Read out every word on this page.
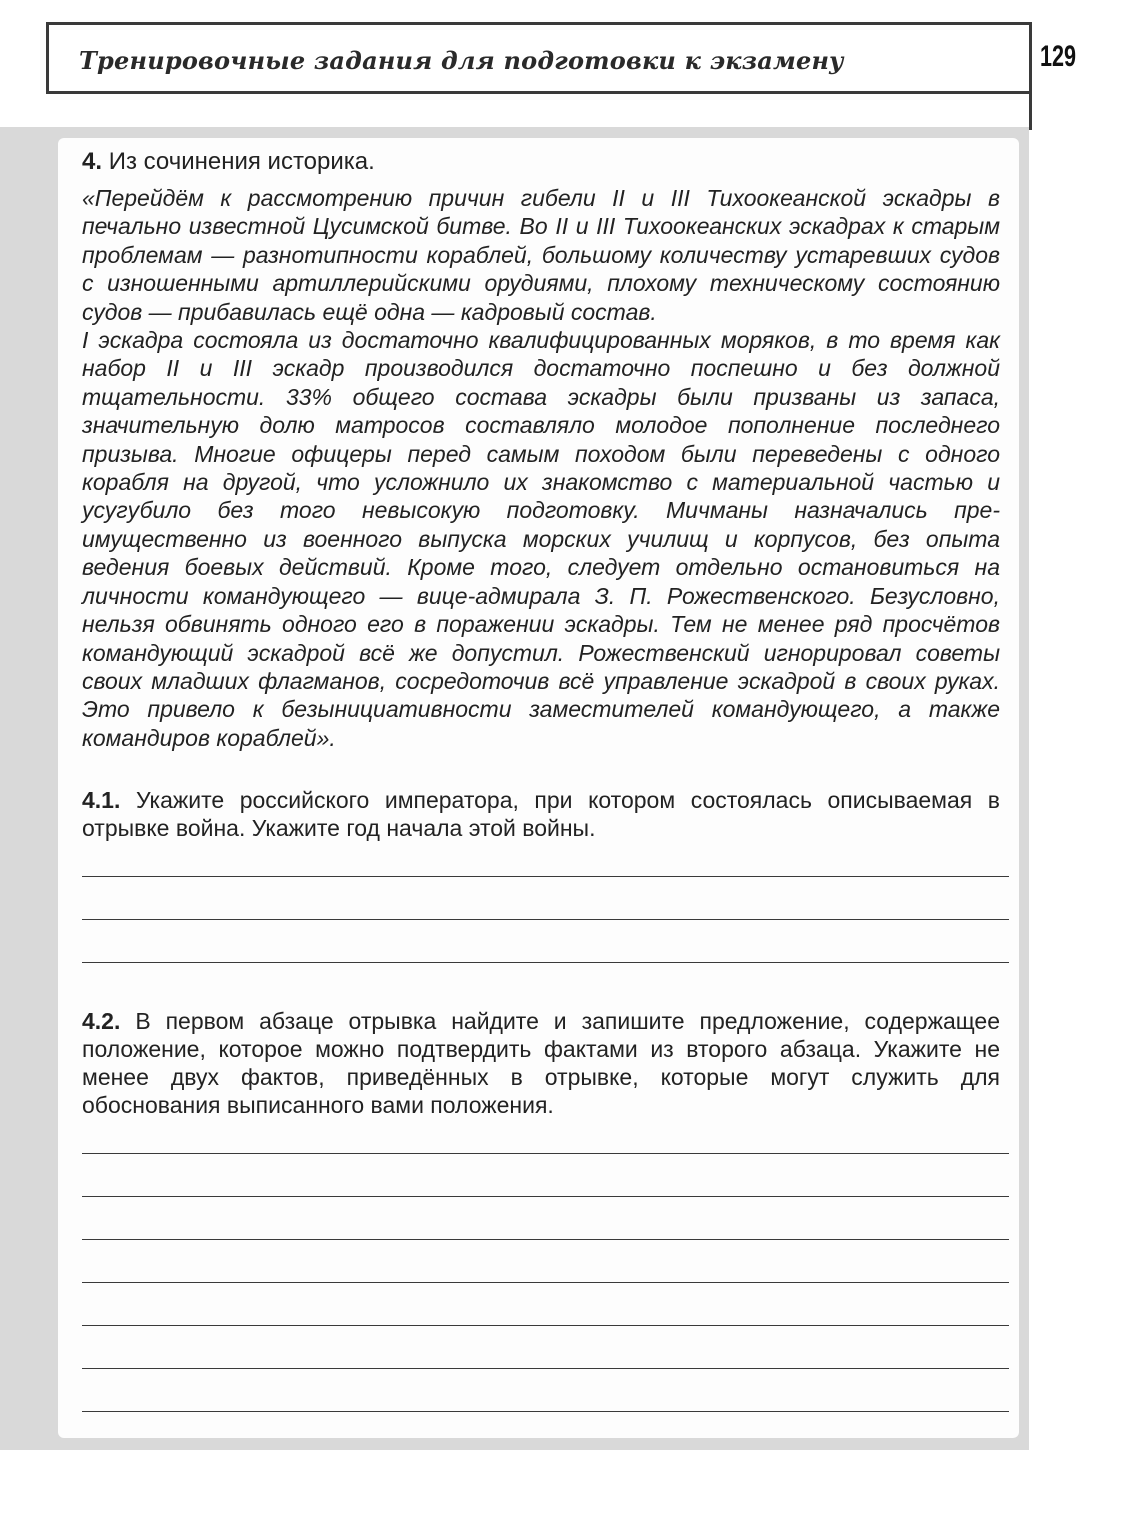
Тренировочные задания для подготовки к экзамену	129
4. Из сочинения историка.

«Перейдём к рассмотрению причин гибели II и III Тихоокеанской эскадры в печально известной Цусимской битве. Во II и III Тихоокеанских эскадрах к старым проблемам — разнотипности кораблей, большому количеству устаревших судов с изношенными артиллерийскими орудиями, плохому техническому состоянию судов — прибавилась ещё одна — кадровый состав.

I эскадра состояла из достаточно квалифицированных моряков, в то время как набор II и III эскадр производился достаточно поспешно и без должной тщательности. 33% общего состава эскадры были призваны из запаса, значительную долю матросов составляло молодое пополнение последнего призыва. Многие офицеры перед самым походом были переведены с одного корабля на другой, что усложнило их знакомство с материальной частью и усугубило без того невысокую подготовку. Мичманы назначались преимущественно из военного выпуска морских училищ и корпусов, без опыта ведения боевых действий. Кроме того, следует отдельно остановиться на личности командующего — вице-адмирала З. П. Рожественского. Безусловно, нельзя обвинять одного его в поражении эскадры. Тем не менее ряд просчётов командующий эскадрой всё же допустил. Рожественский игнорировал советы своих младших флагманов, сосредоточив всё управление эскадрой в своих руках. Это привело к безынициативности заместителей командующего, а также командиров кораблей».

4.1. Укажите российского императора, при котором состоялась описываемая в отрывке война. Укажите год начала этой войны.
4.2. В первом абзаце отрывка найдите и запишите предложение, содержащее положение, которое можно подтвердить фактами из второго абзаца. Укажите не менее двух фактов, приведённых в отрывке, которые могут служить для обоснования выписанного вами положения.
